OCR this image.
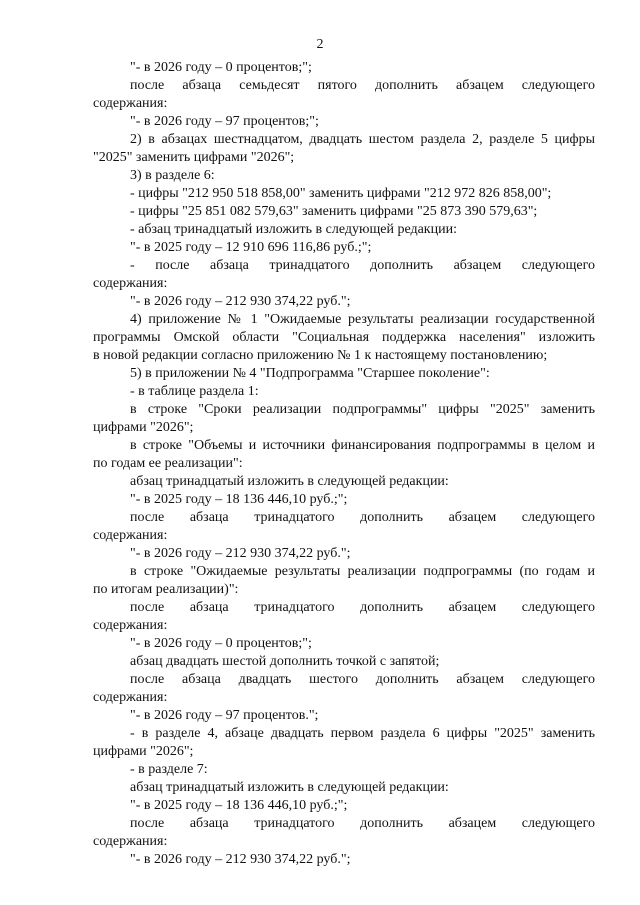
2

"- в 2026 году – 0 процентов;";

после абзаца семьдесят пятого дополнить абзацем следующего

содержания:

"- в 2026 году – 97 процентов;";

2) в абзацах шестнадцатом, двадцать шестом раздела 2, разделе 5 цифры

"2025" заменить цифрами "2026";

3) в разделе 6:

- цифры "212 950 518 858,00" заменить цифрами "212 972 826 858,00";

- цифры "25 851 082 579,63" заменить цифрами "25 873 390 579,63";

- абзац тринадцатый изложить в следующей редакции:

"- в 2025 году – 12 910 696 116,86 руб.;";

- после абзаца тринадцатого дополнить абзацем следующего

содержания:

"- в 2026 году – 212 930 374,22 руб.";

4) приложение № 1 "Ожидаемые результаты реализации государственной

программы Омской области "Социальная поддержка населения" изложить

в новой редакции согласно приложению № 1 к настоящему постановлению;

5) в приложении № 4 "Подпрограмма "Старшее поколение":

- в таблице раздела 1:

в строке "Сроки реализации подпрограммы" цифры "2025" заменить

цифрами "2026";

в строке "Объемы и источники финансирования подпрограммы в целом и

по годам ее реализации":

абзац тринадцатый изложить в следующей редакции:

"- в 2025 году – 18 136 446,10 руб.;";

после абзаца тринадцатого дополнить абзацем следующего

содержания:

"- в 2026 году – 212 930 374,22 руб.";

в строке "Ожидаемые результаты реализации подпрограммы (по годам и

по итогам реализации)":

после абзаца тринадцатого дополнить абзацем следующего

содержания:

"- в 2026 году – 0 процентов;";

абзац двадцать шестой дополнить точкой с запятой;

после абзаца двадцать шестого дополнить абзацем следующего

содержания:

"- в 2026 году – 97 процентов.";

- в разделе 4, абзаце двадцать первом раздела 6 цифры "2025" заменить

цифрами "2026";

- в разделе 7:

абзац тринадцатый изложить в следующей редакции:

"- в 2025 году – 18 136 446,10 руб.;";

после абзаца тринадцатого дополнить абзацем следующего

содержания:

"- в 2026 году – 212 930 374,22 руб.";
